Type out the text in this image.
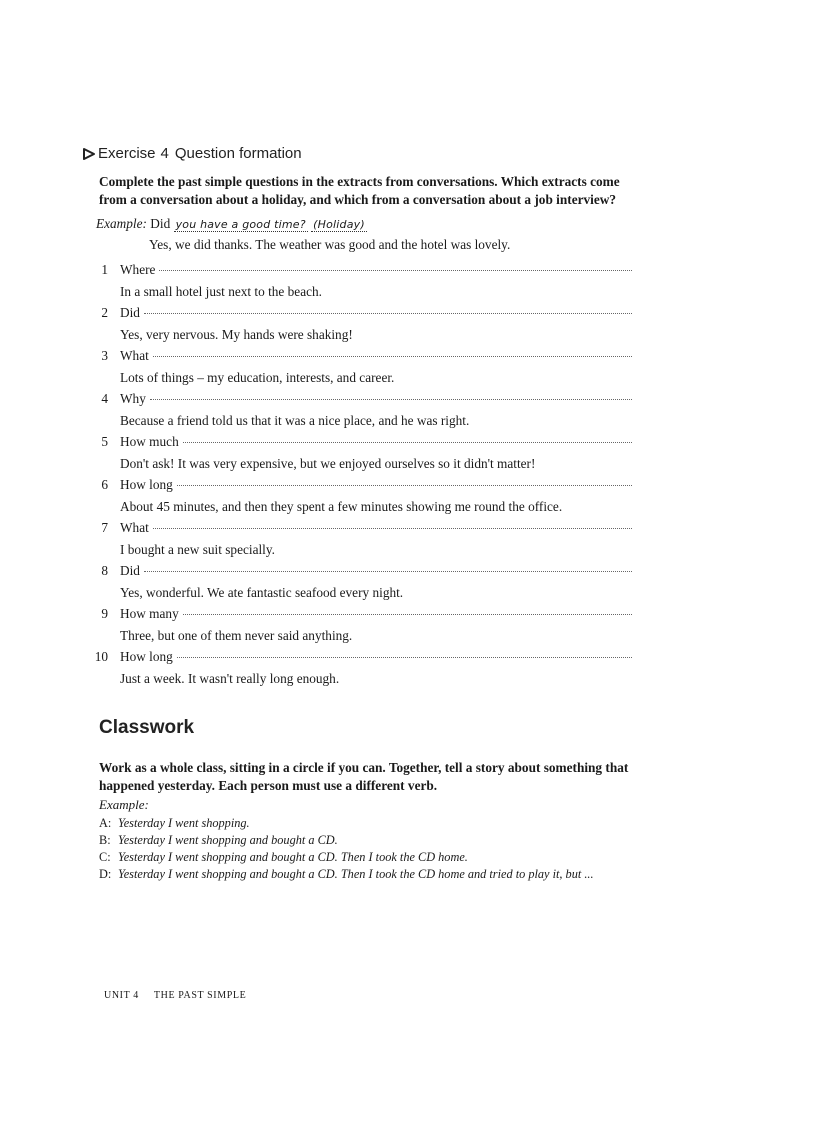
Exercise 4 Question formation
Complete the past simple questions in the extracts from conversations. Which extracts come from a conversation about a holiday, and which from a conversation about a job interview?
Example: Did you have a good time? (Holiday)
Yes, we did thanks. The weather was good and the hotel was lovely.
1 Where
In a small hotel just next to the beach.
2 Did
Yes, very nervous. My hands were shaking!
3 What
Lots of things – my education, interests, and career.
4 Why
Because a friend told us that it was a nice place, and he was right.
5 How much
Don't ask! It was very expensive, but we enjoyed ourselves so it didn't matter!
6 How long
About 45 minutes, and then they spent a few minutes showing me round the office.
7 What
I bought a new suit specially.
8 Did
Yes, wonderful. We ate fantastic seafood every night.
9 How many
Three, but one of them never said anything.
10 How long
Just a week. It wasn't really long enough.
Classwork
Work as a whole class, sitting in a circle if you can. Together, tell a story about something that happened yesterday. Each person must use a different verb.
Example:
A: Yesterday I went shopping.
B: Yesterday I went shopping and bought a CD.
C: Yesterday I went shopping and bought a CD. Then I took the CD home.
D: Yesterday I went shopping and bought a CD. Then I took the CD home and tried to play it, but ...
UNIT 4 THE PAST SIMPLE
